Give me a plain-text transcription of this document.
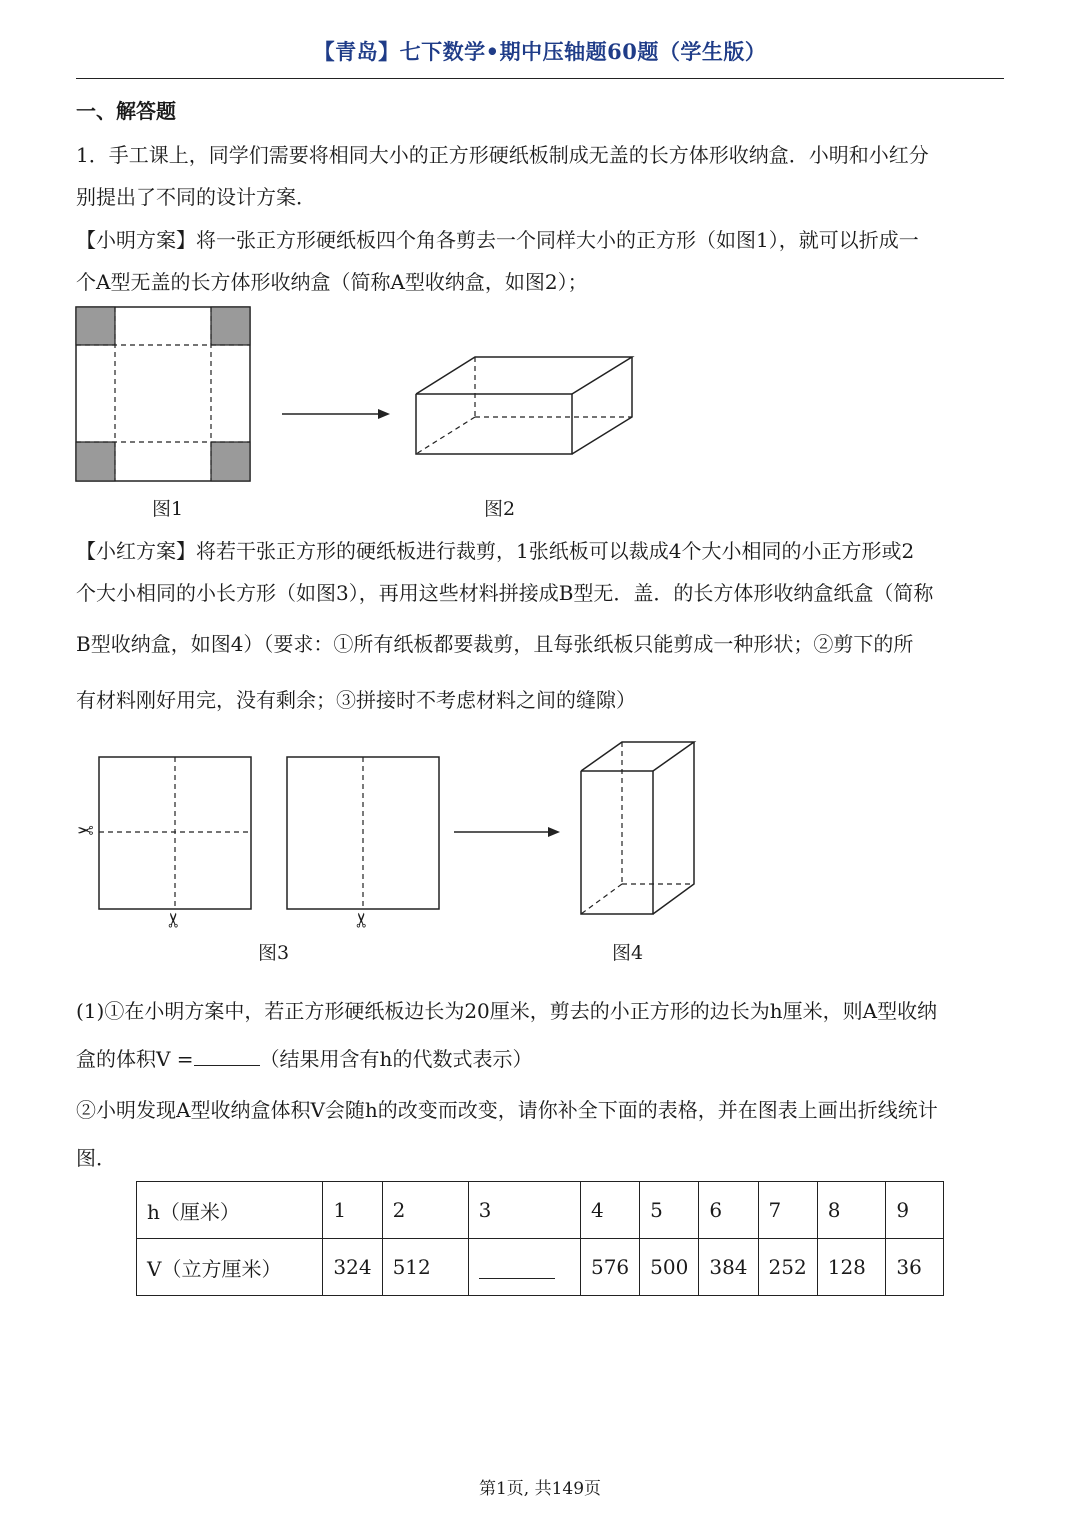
【青岛】七下数学•期中压轴题60题（学生版）
一、解答题
1．手工课上，同学们需要将相同大小的正方形硬纸板制成无盖的长方体形收纳盒．小明和小红分
别提出了不同的设计方案．
【小明方案】将一张正方形硬纸板四个角各剪去一个同样大小的正方形（如图1），就可以折成一
个A型无盖的长方体形收纳盒（简称A型收纳盒，如图2）；
图1	图2
【小红方案】将若干张正方形的硬纸板进行裁剪，1张纸板可以裁成4个大小相同的小正方形或2
个大小相同的小长方形（如图3），再用这些材料拼接成B型无．盖．的长方体形收纳盒纸盒（简称
B型收纳盒，如图4）（要求：①所有纸板都要裁剪，且每张纸板只能剪成一种形状；②剪下的所
有材料刚好用完，没有剩余；③拼接时不考虑材料之间的缝隙）
✂
✂	✂
图3	图4
(1)①在小明方案中，若正方形硬纸板边长为20厘米，剪去的小正方形的边长为h厘米，则A型收纳
盒的体积V =	（结果用含有h的代数式表示）
②小明发现A型收纳盒体积V会随h的改变而改变，请你补全下面的表格，并在图表上画出折线统计
图．
h（厘米）	1	2	3	4	5	6	7	8	9
V（立方厘米）	324	512		576	500	384	252	128	36
第1页, 共149页
